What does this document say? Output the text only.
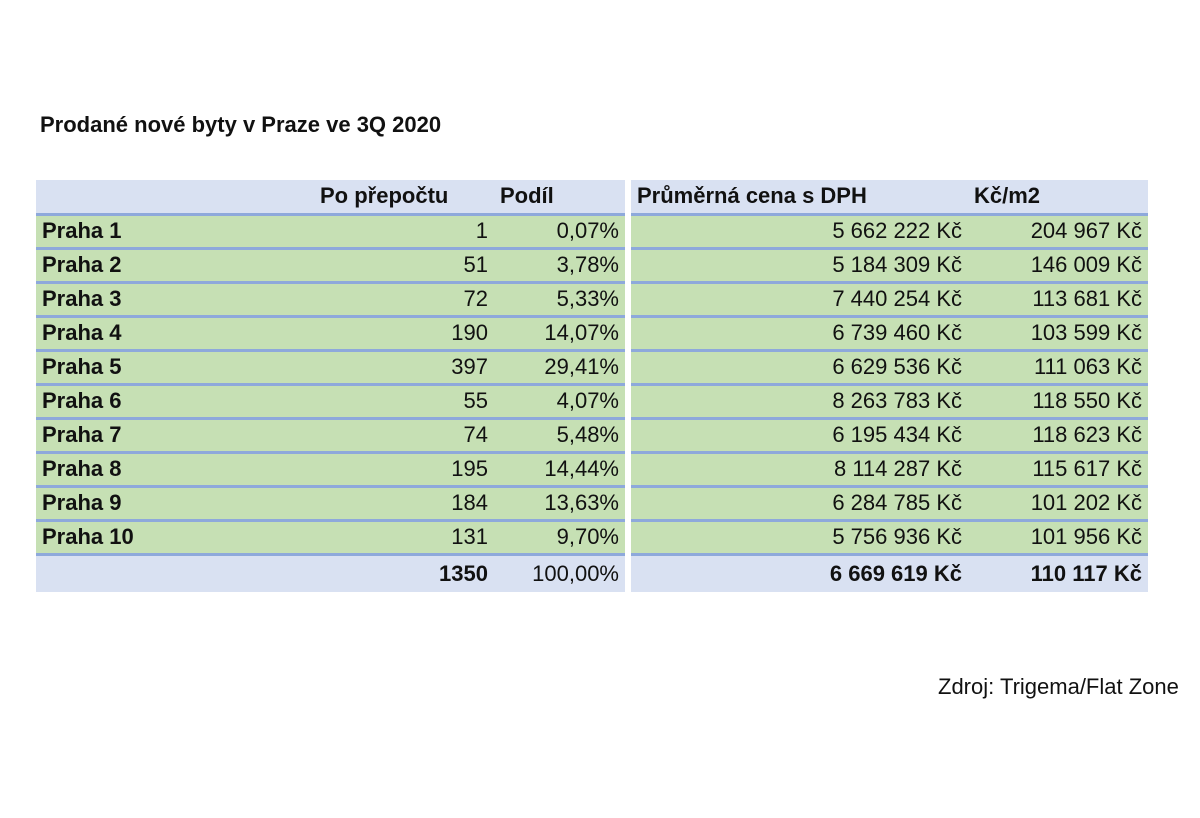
Prodané nové byty v Praze ve 3Q 2020
	Po přepočtu	Podíl	Průměrná cena s DPH	Kč/m2
Praha 1	1	0,07%	5 662 222 Kč	204 967 Kč
Praha 2	51	3,78%	5 184 309 Kč	146 009 Kč
Praha 3	72	5,33%	7 440 254 Kč	113 681 Kč
Praha 4	190	14,07%	6 739 460 Kč	103 599 Kč
Praha 5	397	29,41%	6 629 536 Kč	111 063 Kč
Praha 6	55	4,07%	8 263 783 Kč	118 550 Kč
Praha 7	74	5,48%	6 195 434 Kč	118 623 Kč
Praha 8	195	14,44%	8 114 287 Kč	115 617 Kč
Praha 9	184	13,63%	6 284 785 Kč	101 202 Kč
Praha 10	131	9,70%	5 756 936 Kč	101 956 Kč
	1350	100,00%	6 669 619 Kč	110 117 Kč
Zdroj: Trigema/Flat Zone
